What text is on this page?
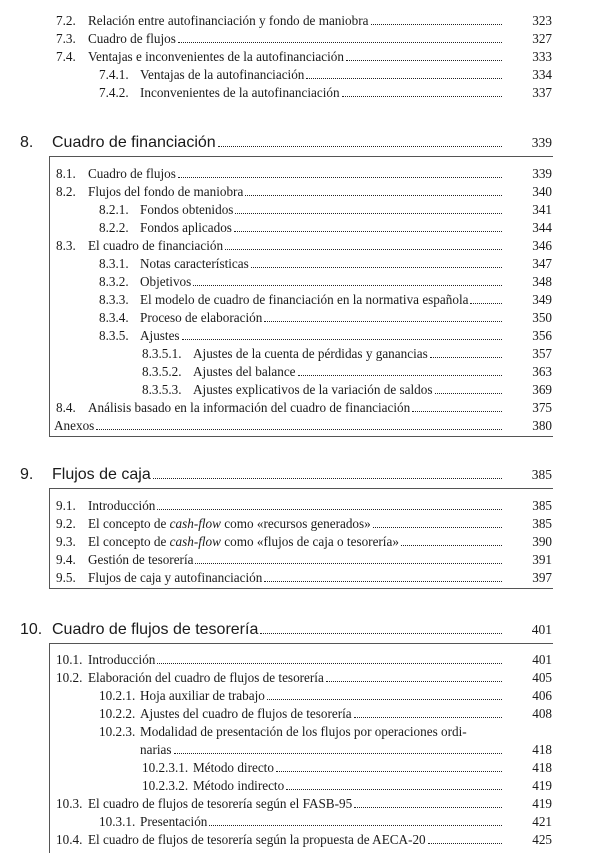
7.2. Relación entre autofinanciación y fondo de maniobra	323
7.3. Cuadro de flujos	327
7.4. Ventajas e inconvenientes de la autofinanciación	333
7.4.1. Ventajas de la autofinanciación	334
7.4.2. Inconvenientes de la autofinanciación	337
8. Cuadro de financiación	339
8.1. Cuadro de flujos	339
8.2. Flujos del fondo de maniobra	340
8.2.1. Fondos obtenidos	341
8.2.2. Fondos aplicados	344
8.3. El cuadro de financiación	346
8.3.1. Notas características	347
8.3.2. Objetivos	348
8.3.3. El modelo de cuadro de financiación en la normativa española	349
8.3.4. Proceso de elaboración	350
8.3.5. Ajustes	356
8.3.5.1. Ajustes de la cuenta de pérdidas y ganancias	357
8.3.5.2. Ajustes del balance	363
8.3.5.3. Ajustes explicativos de la variación de saldos	369
8.4. Análisis basado en la información del cuadro de financiación	375
Anexos	380
9. Flujos de caja	385
9.1. Introducción	385
9.2. El concepto de cash-flow como «recursos generados»	385
9.3. El concepto de cash-flow como «flujos de caja o tesorería»	390
9.4. Gestión de tesorería	391
9.5. Flujos de caja y autofinanciación	397
10. Cuadro de flujos de tesorería	401
10.1. Introducción	401
10.2. Elaboración del cuadro de flujos de tesorería	405
10.2.1. Hoja auxiliar de trabajo	406
10.2.2. Ajustes del cuadro de flujos de tesorería	408
10.2.3. Modalidad de presentación de los flujos por operaciones ordi-
narias	418
10.2.3.1. Método directo	418
10.2.3.2. Método indirecto	419
10.3. El cuadro de flujos de tesorería según el FASB-95	419
10.3.1. Presentación	421
10.4. El cuadro de flujos de tesorería según la propuesta de AECA-20	425
